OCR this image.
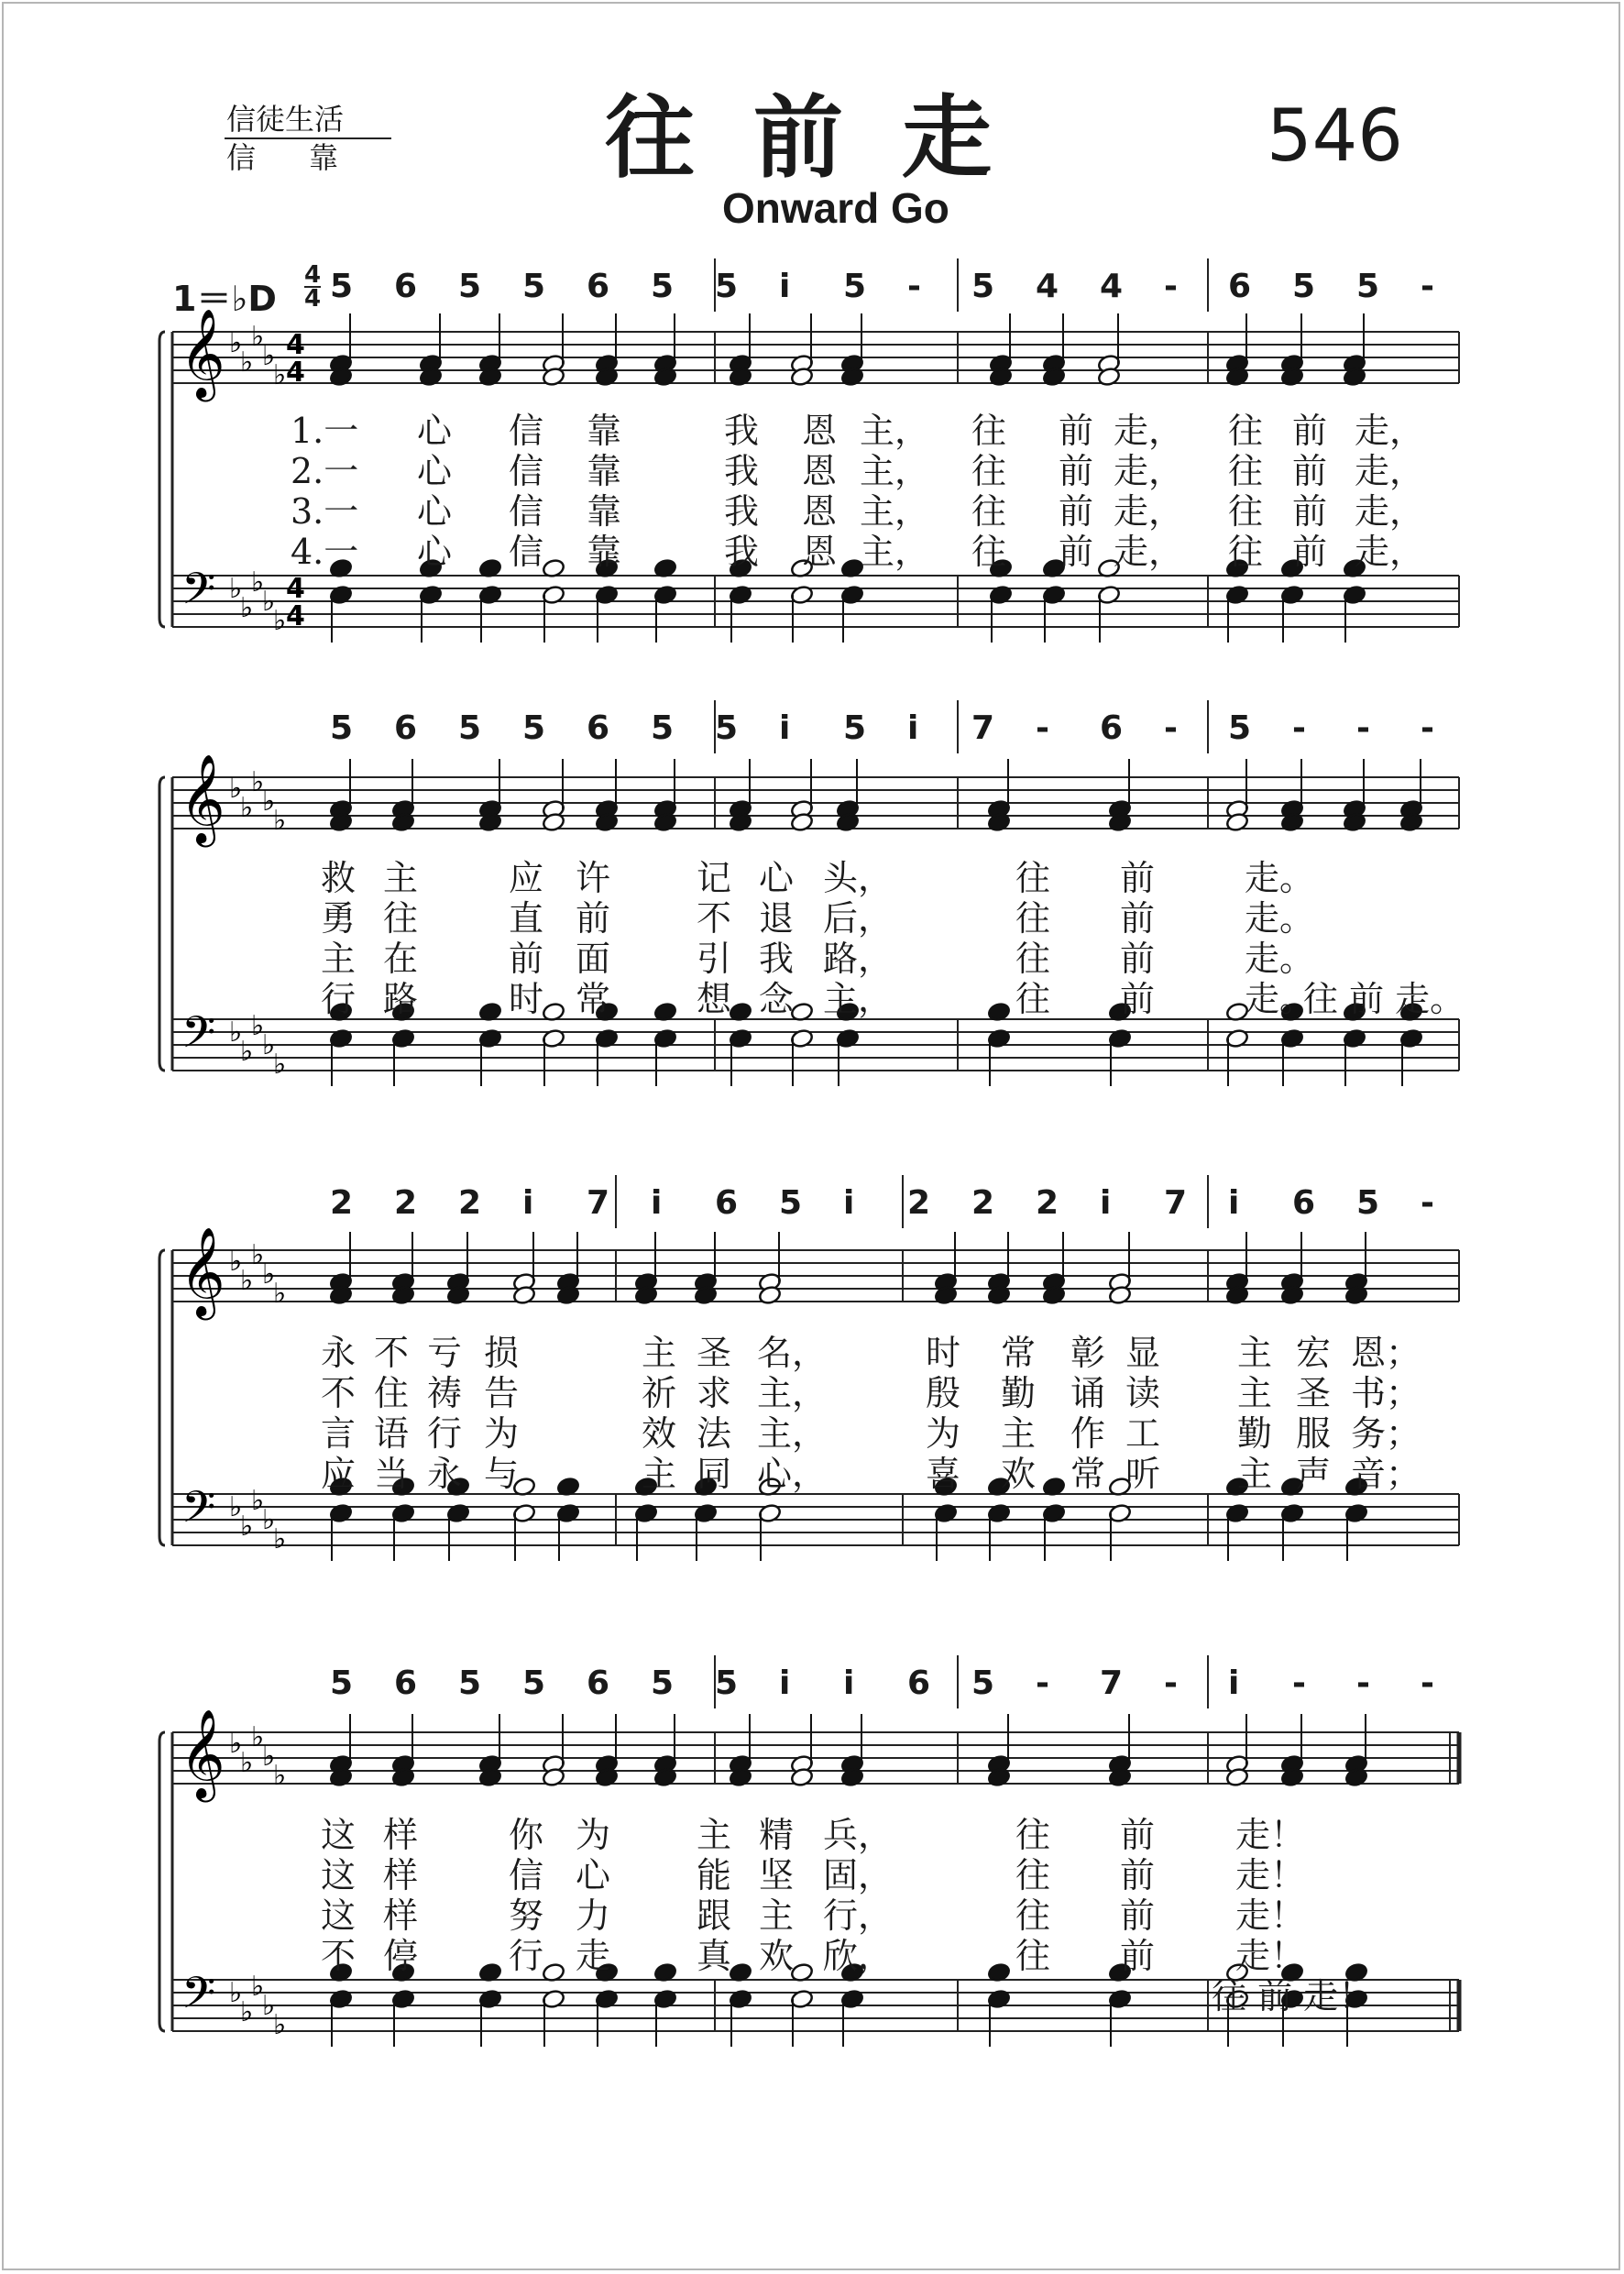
信徒生活
信靠 往前走
Onward Go
546
1＝♭D $\frac{4}{4}$
𝄞
𝄢
♭
♭
♭
♭
♭
♭
♭
♭
♭
♭
4
4
4
4
𝄞
𝄢
♭
♭
♭
♭
♭
♭
♭
♭
♭
♭
𝄞
𝄢
♭
♭
♭
♭
♭
♭
♭
♭
♭
♭
𝄞
𝄢
♭
♭
♭
♭
♭
♭
♭
♭
♭
♭
1.一 心 信 靠	我 恩 主， 往 前 走， 往 前 走，
2.一 心 信 靠	我 恩 主， 往 前 走， 往 前 走，
3.一 心 信 靠	我 恩 主， 往 前 走， 往 前 走，
4.一 心 信 靠	我 恩 主， 往 前 走， 往 前 走，
救 主	应 许 记 心 头，	往 前	走。
勇 往	直 前 不 退 后，	往 前	走。
主 在	前 面 引 我 路，	往 前	走。
行 路	时 常 想 念 主，	往 前	走。
往 前 走。
永 不 亏 损	主 圣 名，	时 常 彰 显 主 宏 恩；
不 住 祷 告	祈 求 主，	殷 勤 诵 读 主 圣 书；
言 语 行 为	效 法 主，	为 主 作 工 勤 服 务；
应 当 永 与	主 同 心，	喜 欢 常 听 主 声 音；
这 样	你 为 主 精 兵，	往 前 走！
这 样	信 心 能 坚 固，	往 前 走！
这 样	努 力 跟 主 行，	往 前 走！
不 停	行 走 真 欢 欣，	往 前 走！
往 前 走！
5 6 5 5 6 5 5 i 5 - 5 4 4 - 6 5 5 -
5 6 5 5 6 5 5 i 5 i 7 - 6 - 5 - - -
2 2 2 i 7 i 6 5 i 2 2 2 i 7 i 6 5 -
5 6 5 5 6 5 5 i i 6 5 - 7 - i - - -
